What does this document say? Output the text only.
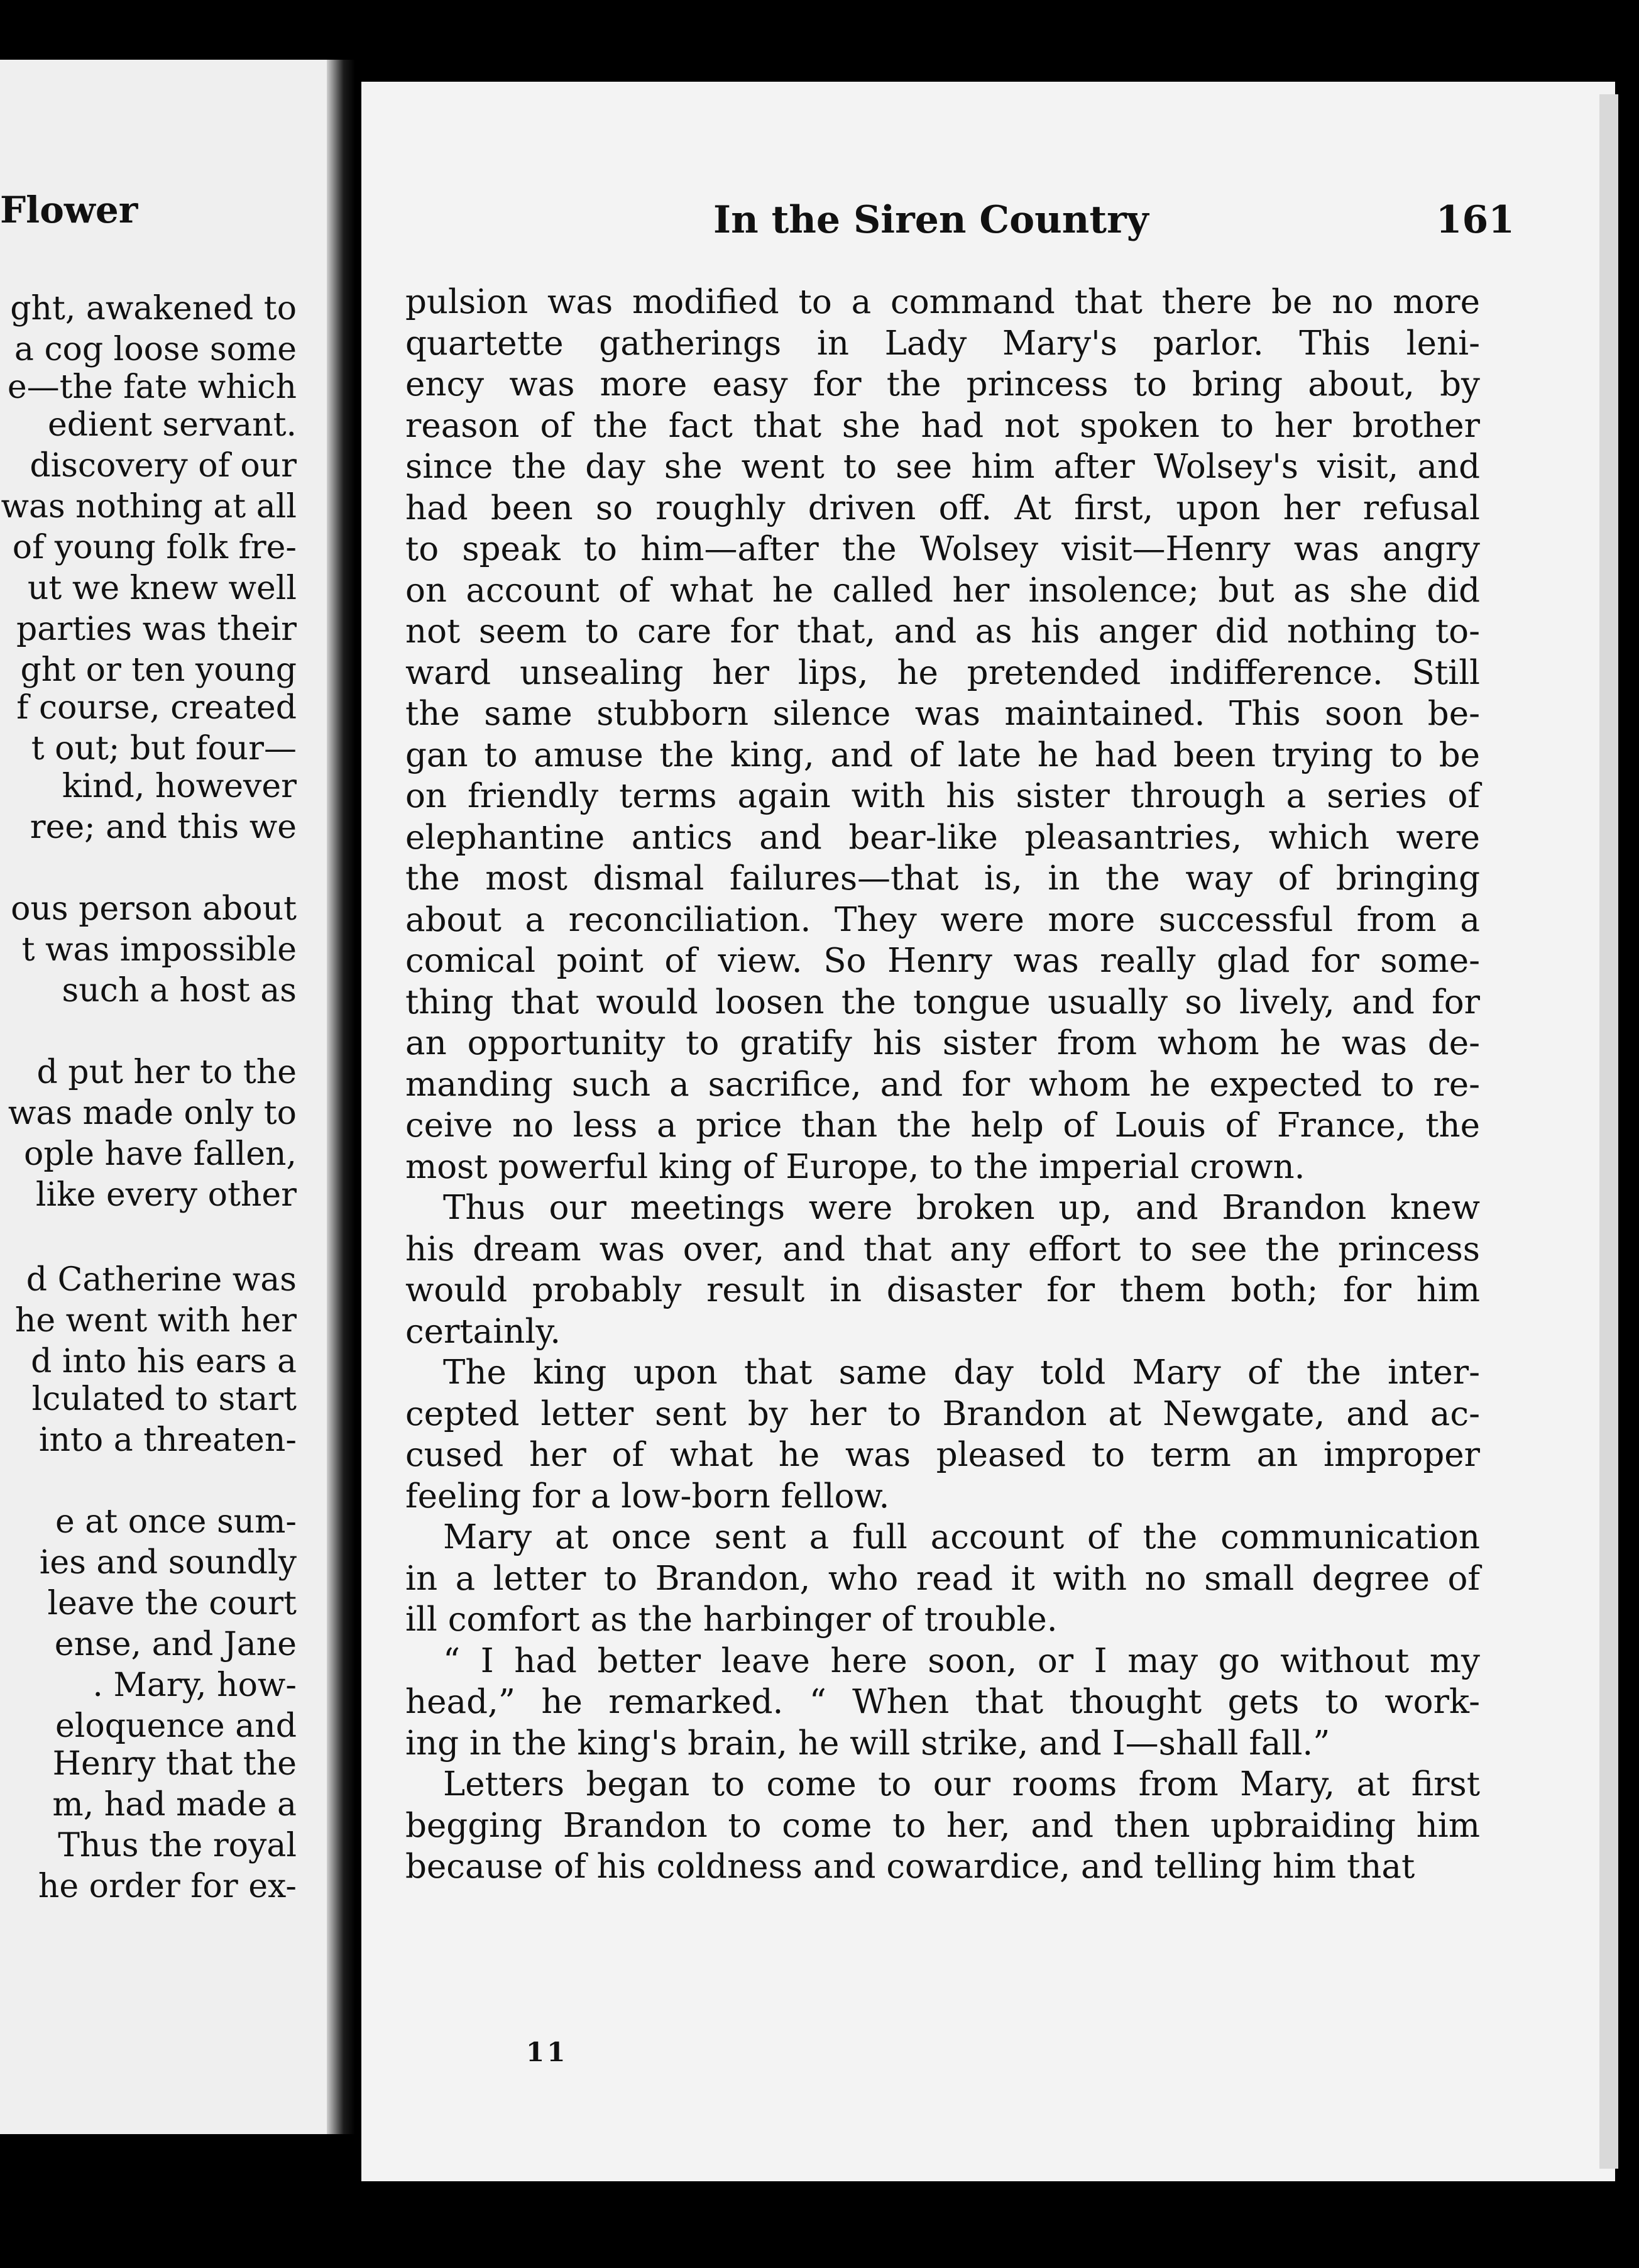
Flower
ght, awakened to
a cog loose some
e—the fate which
edient servant.
discovery of our
was nothing at all
of young folk fre-
ut we knew well
parties was their
ght or ten young
f course, created
t out; but four—
kind, however
ree; and this we
ous person about
t was impossible
such a host as
d put her to the
was made only to
ople have fallen,
like every other
d Catherine was
he went with her
d into his ears a
lculated to start
into a threaten-
e at once sum-
ies and soundly
leave the court
ense, and Jane
. Mary, how-
eloquence and
Henry that the
m, had made a
Thus the royal
he order for ex-
In the Siren Country	161
pulsion was modified to a command that there be no more
quartette gatherings in Lady Mary's parlor. This leni-
ency was more easy for the princess to bring about, by
reason of the fact that she had not spoken to her brother
since the day she went to see him after Wolsey's visit, and
had been so roughly driven off. At first, upon her refusal
to speak to him—after the Wolsey visit—Henry was angry
on account of what he called her insolence; but as she did
not seem to care for that, and as his anger did nothing to-
ward unsealing her lips, he pretended indifference. Still
the same stubborn silence was maintained. This soon be-
gan to amuse the king, and of late he had been trying to be
on friendly terms again with his sister through a series of
elephantine antics and bear-like pleasantries, which were
the most dismal failures—that is, in the way of bringing
about a reconciliation. They were more successful from a
comical point of view. So Henry was really glad for some-
thing that would loosen the tongue usually so lively, and for
an opportunity to gratify his sister from whom he was de-
manding such a sacrifice, and for whom he expected to re-
ceive no less a price than the help of Louis of France, the
most powerful king of Europe, to the imperial crown.
Thus our meetings were broken up, and Brandon knew
his dream was over, and that any effort to see the princess
would probably result in disaster for them both; for him
certainly.
The king upon that same day told Mary of the inter-
cepted letter sent by her to Brandon at Newgate, and ac-
cused her of what he was pleased to term an improper
feeling for a low-born fellow.
Mary at once sent a full account of the communication
in a letter to Brandon, who read it with no small degree of
ill comfort as the harbinger of trouble.
“ I had better leave here soon, or I may go without my
head,” he remarked. “ When that thought gets to work-
ing in the king's brain, he will strike, and I—shall fall.”
Letters began to come to our rooms from Mary, at first
begging Brandon to come to her, and then upbraiding him
because of his coldness and cowardice, and telling him that
11
